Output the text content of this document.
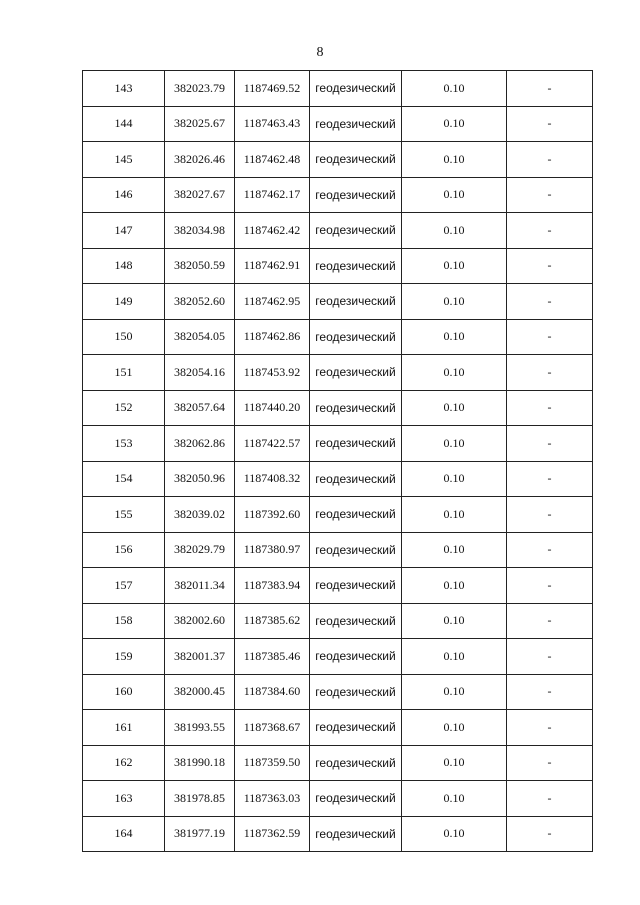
8
143	382023.79	1187469.52	геодезический	0.10	-
144	382025.67	1187463.43	геодезический	0.10	-
145	382026.46	1187462.48	геодезический	0.10	-
146	382027.67	1187462.17	геодезический	0.10	-
147	382034.98	1187462.42	геодезический	0.10	-
148	382050.59	1187462.91	геодезический	0.10	-
149	382052.60	1187462.95	геодезический	0.10	-
150	382054.05	1187462.86	геодезический	0.10	-
151	382054.16	1187453.92	геодезический	0.10	-
152	382057.64	1187440.20	геодезический	0.10	-
153	382062.86	1187422.57	геодезический	0.10	-
154	382050.96	1187408.32	геодезический	0.10	-
155	382039.02	1187392.60	геодезический	0.10	-
156	382029.79	1187380.97	геодезический	0.10	-
157	382011.34	1187383.94	геодезический	0.10	-
158	382002.60	1187385.62	геодезический	0.10	-
159	382001.37	1187385.46	геодезический	0.10	-
160	382000.45	1187384.60	геодезический	0.10	-
161	381993.55	1187368.67	геодезический	0.10	-
162	381990.18	1187359.50	геодезический	0.10	-
163	381978.85	1187363.03	геодезический	0.10	-
164	381977.19	1187362.59	геодезический	0.10	-
